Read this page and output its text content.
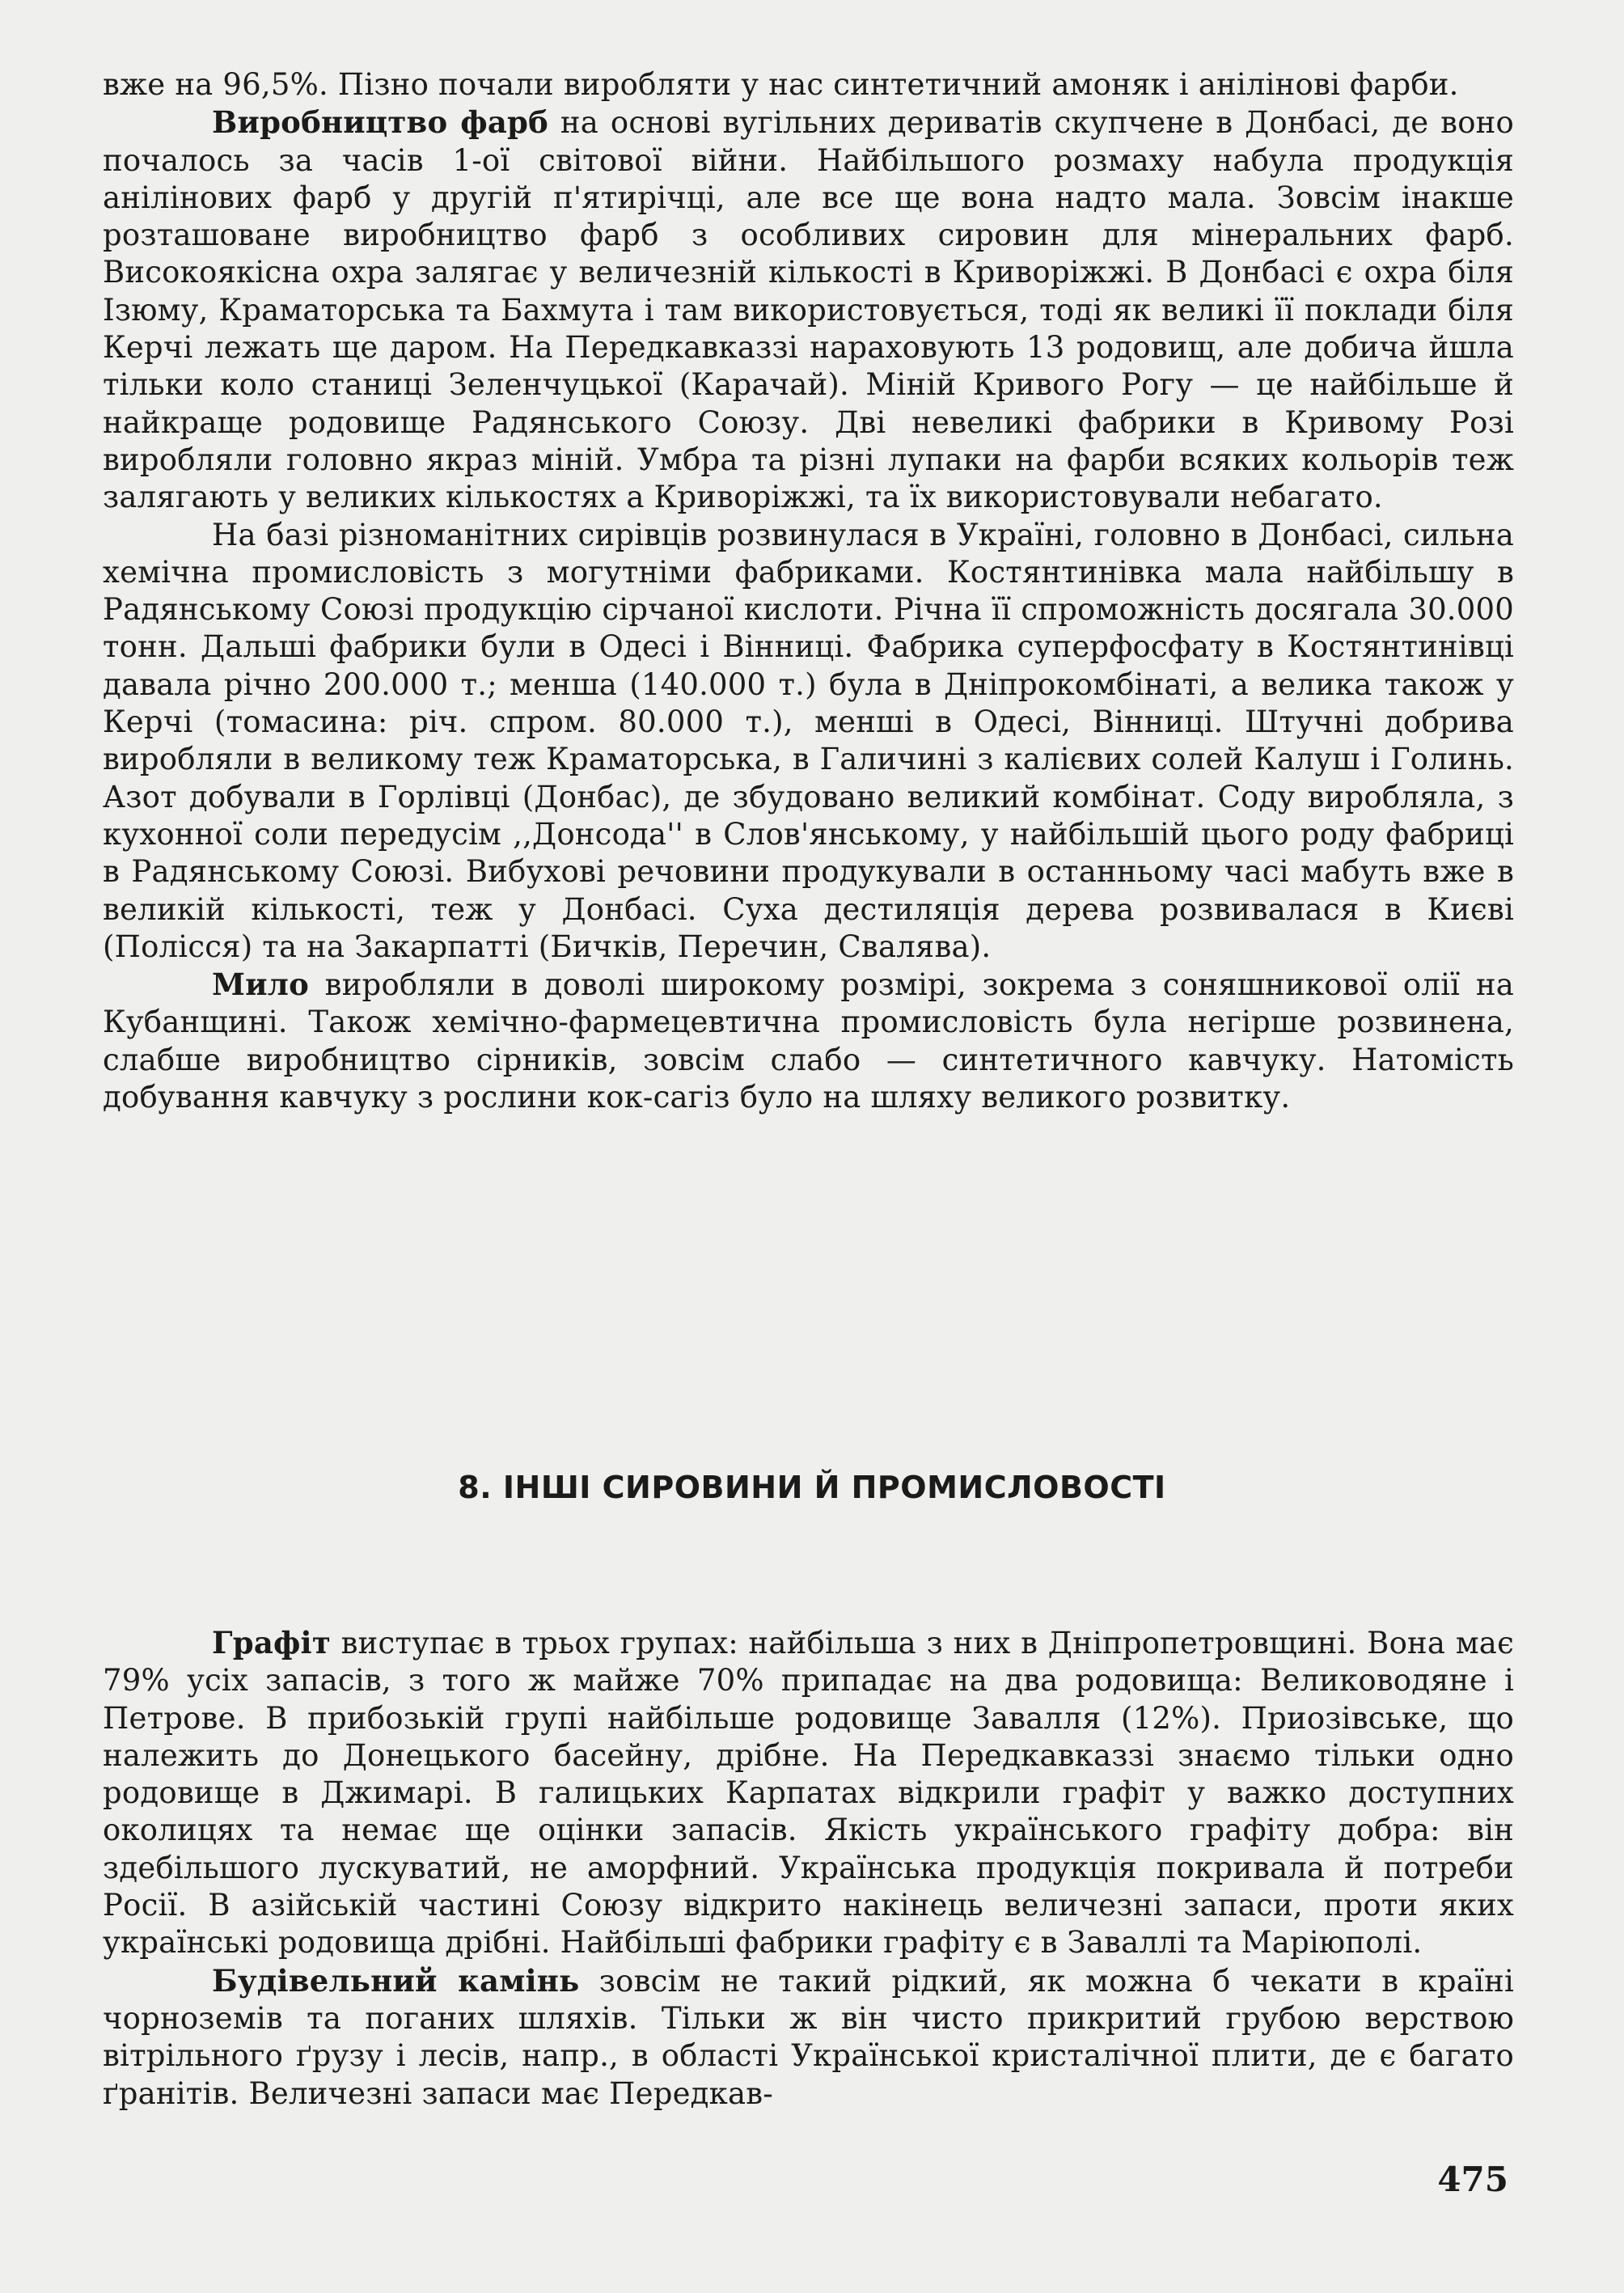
вже на 96,5%. Пізно почали виробляти у нас синтетичний амоняк і анілінові фарби.

Виробництво фарб на основі вугільних дериватів скупчене в Донбасі, де воно почалось за часів 1-ої світової війни. Найбільшого розмаху набула продукція анілінових фарб у другій п'ятирічці, але все ще вона надто мала. Зовсім інакше розташоване виробництво фарб з особливих сировин для мінеральних фарб. Високоякісна охра залягає у величезній кількості в Криворіжжі. В Донбасі є охра біля Ізюму, Краматорська та Бахмута і там використовується, тоді як великі її поклади біля Керчі лежать ще даром. На Передкавказзі нараховують 13 родовищ, але добича йшла тільки коло станиці Зеленчуцької (Карачай). Міній Кривого Рогу — це найбільше й найкраще родовище Радянського Союзу. Дві невеликі фабрики в Кривому Розі виробляли головно якраз міній. Умбра та різні лупаки на фарби всяких кольорів теж залягають у великих кількостях а Криворіжжі, та їх використовували небагато.

На базі різноманітних сирівців розвинулася в Україні, головно в Донбасі, сильна хемічна промисловість з могутніми фабриками. Костянтинівка мала найбільшу в Радянському Союзі продукцію сірчаної кислоти. Річна її спроможність досягала 30.000 тонн. Дальші фабрики були в Одесі і Вінниці. Фабрика суперфосфату в Костянтинівці давала річно 200.000 т.; менша (140.000 т.) була в Дніпрокомбінаті, а велика також у Керчі (томасина: річ. спром. 80.000 т.), менші в Одесі, Вінниці. Штучні добрива виробляли в великому теж Краматорська, в Галичині з калієвих солей Калуш і Голинь. Азот добували в Горлівці (Донбас), де збудовано великий комбінат. Соду виробляла, з кухонної соли передусім ,,Донсода'' в Слов'янському, у найбільшій цього роду фабриці в Радянському Союзі. Вибухові речовини продукували в останньому часі мабуть вже в великій кількості, теж у Донбасі. Суха дестиляція дерева розвивалася в Києві (Полісся) та на Закарпатті (Бичків, Перечин, Свалява).

Мило виробляли в доволі широкому розмірі, зокрема з соняшникової олії на Кубанщині. Також хемічно-фармецевтична промисловість була негірше розвинена, слабше виробництво сірників, зовсім слабо — синтетичного кавчуку. Натомість добування кавчуку з рослини кок-сагіз було на шляху великого розвитку.

8. ІНШІ СИРОВИНИ Й ПРОМИСЛОВОСТІ

Графіт виступає в трьох групах: найбільша з них в Дніпропетровщині. Вона має 79% усіх запасів, з того ж майже 70% припадає на два родовища: Велиководяне і Петрове. В прибозькій групі найбільше родовище Завалля (12%). Приозівське, що належить до Донецького басейну, дрібне. На Передкавказзі знаємо тільки одно родовище в Джимарі. В галицьких Карпатах відкрили графіт у важко доступних околицях та немає ще оцінки запасів. Якість українського графіту добра: він здебільшого лускуватий, не аморфний. Українська продукція покривала й потреби Росії. В азійській частині Союзу відкрито накінець величезні запаси, проти яких українські родовища дрібні. Найбільші фабрики графіту є в Заваллі та Маріюполі.

Будівельний камінь зовсім не такий рідкий, як можна б чекати в країні чорноземів та поганих шляхів. Тільки ж він чисто прикритий грубою верствою вітрільного ґрузу і лесів, напр., в області Української кристалічної плити, де є багато ґранітів. Величезні запаси має Передкав-

475
